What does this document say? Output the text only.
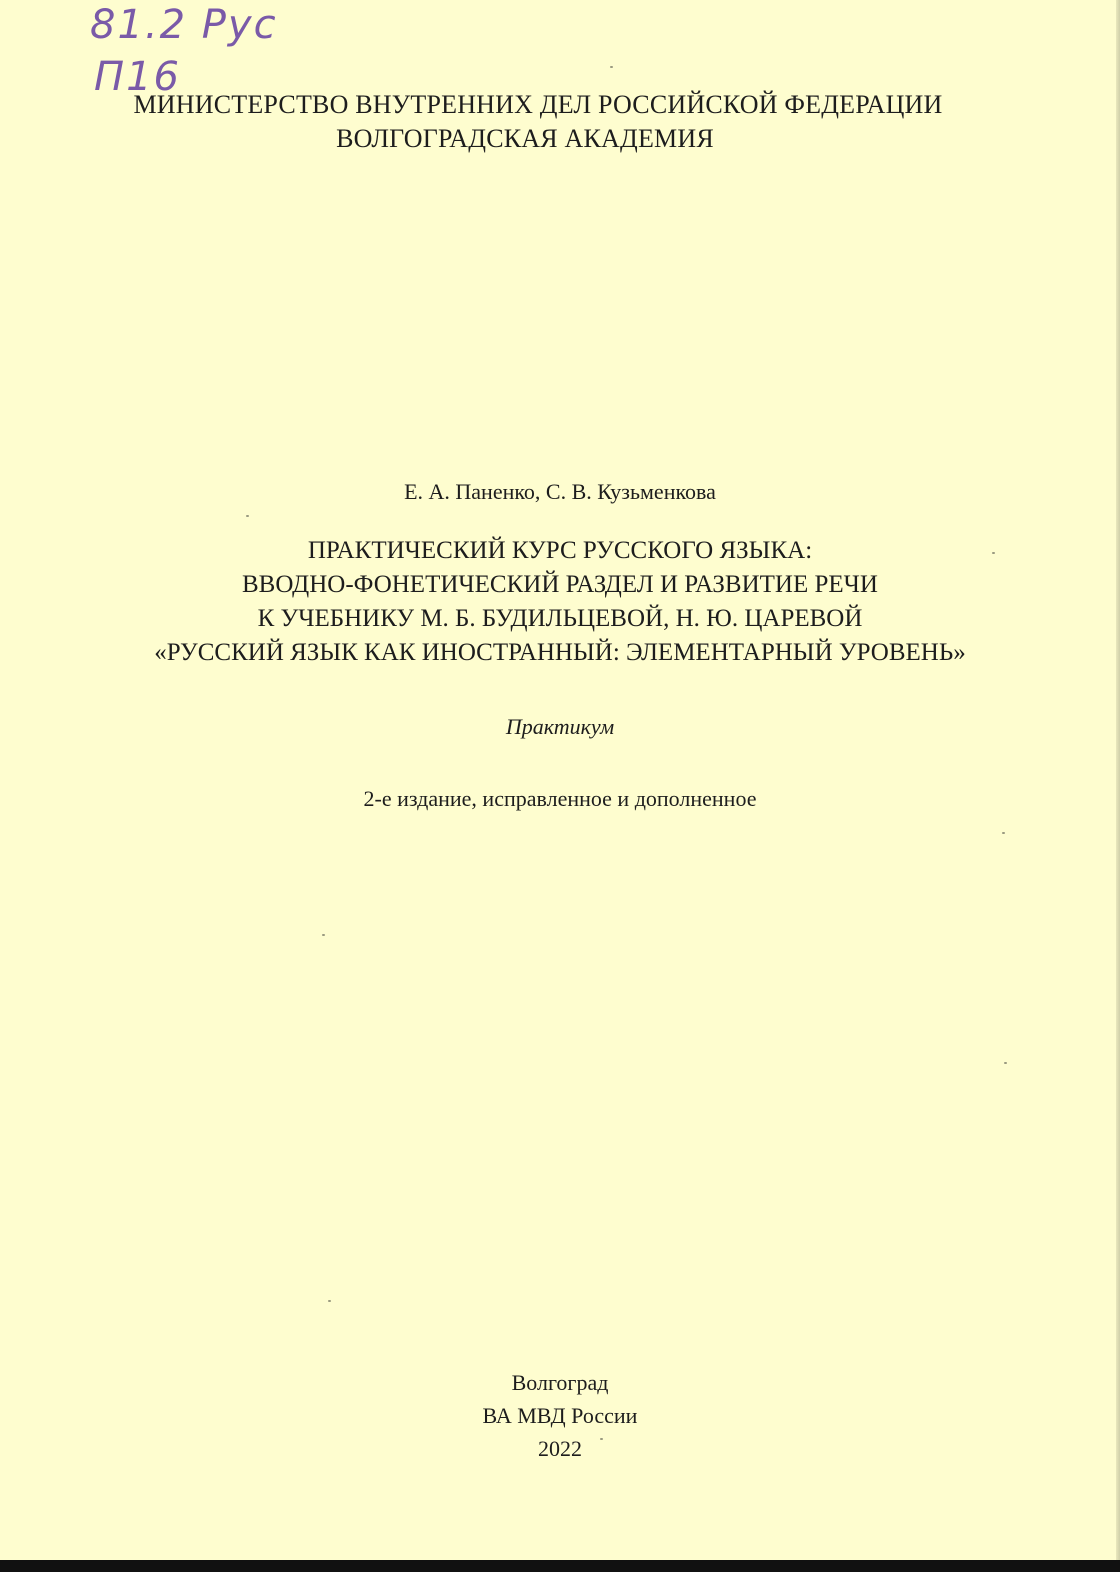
81.2 Рус
П16
МИНИСТЕРСТВО ВНУТРЕННИХ ДЕЛ РОССИЙСКОЙ ФЕДЕРАЦИИ
ВОЛГОГРАДСКАЯ АКАДЕМИЯ
Е. А. Паненко, С. В. Кузьменкова
ПРАКТИЧЕСКИЙ КУРС РУССКОГО ЯЗЫКА:
ВВОДНО-ФОНЕТИЧЕСКИЙ РАЗДЕЛ И РАЗВИТИЕ РЕЧИ
К УЧЕБНИКУ М. Б. БУДИЛЬЦЕВОЙ, Н. Ю. ЦАРЕВОЙ
«РУССКИЙ ЯЗЫК КАК ИНОСТРАННЫЙ: ЭЛЕМЕНТАРНЫЙ УРОВЕНЬ»
Практикум
2-е издание, исправленное и дополненное
Волгоград
ВА МВД России
2022
